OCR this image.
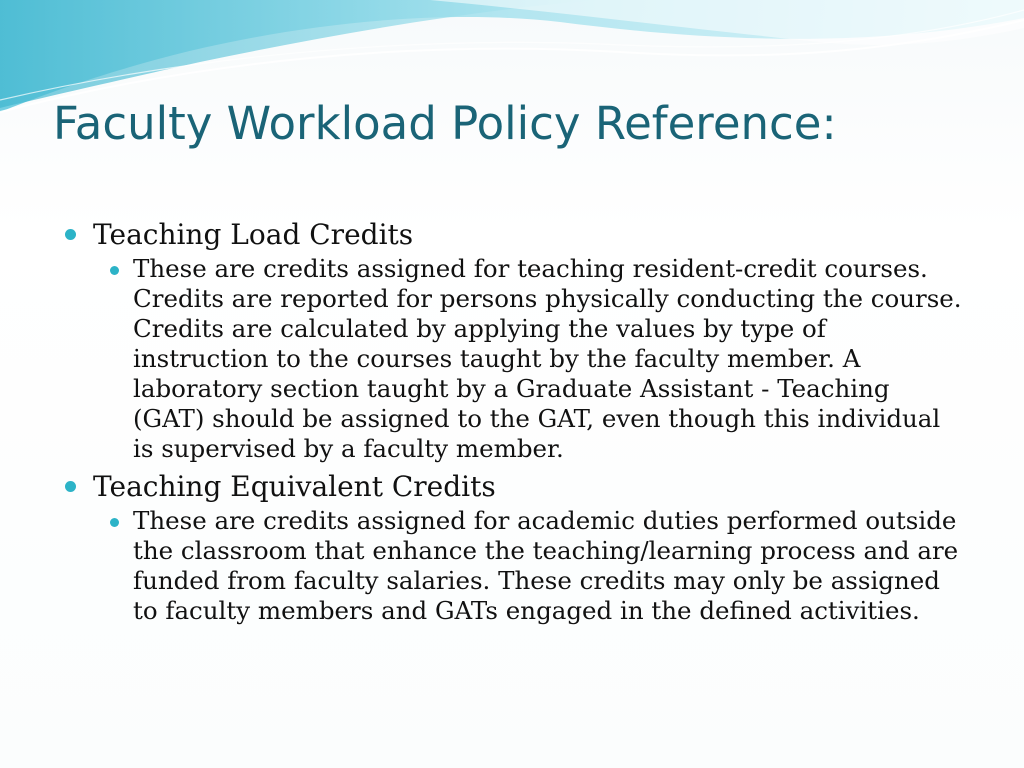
Faculty Workload Policy Reference:
Teaching Load Credits
These are credits assigned for teaching resident-credit courses. Credits are reported for persons physically conducting the course. Credits are calculated by applying the values by type of instruction to the courses taught by the faculty member. A laboratory section taught by a Graduate Assistant - Teaching (GAT) should be assigned to the GAT, even though this individual is supervised by a faculty member.
Teaching Equivalent Credits
These are credits assigned for academic duties performed outside the classroom that enhance the teaching/learning process and are funded from faculty salaries. These credits may only be assigned to faculty members and GATs engaged in the defined activities.
